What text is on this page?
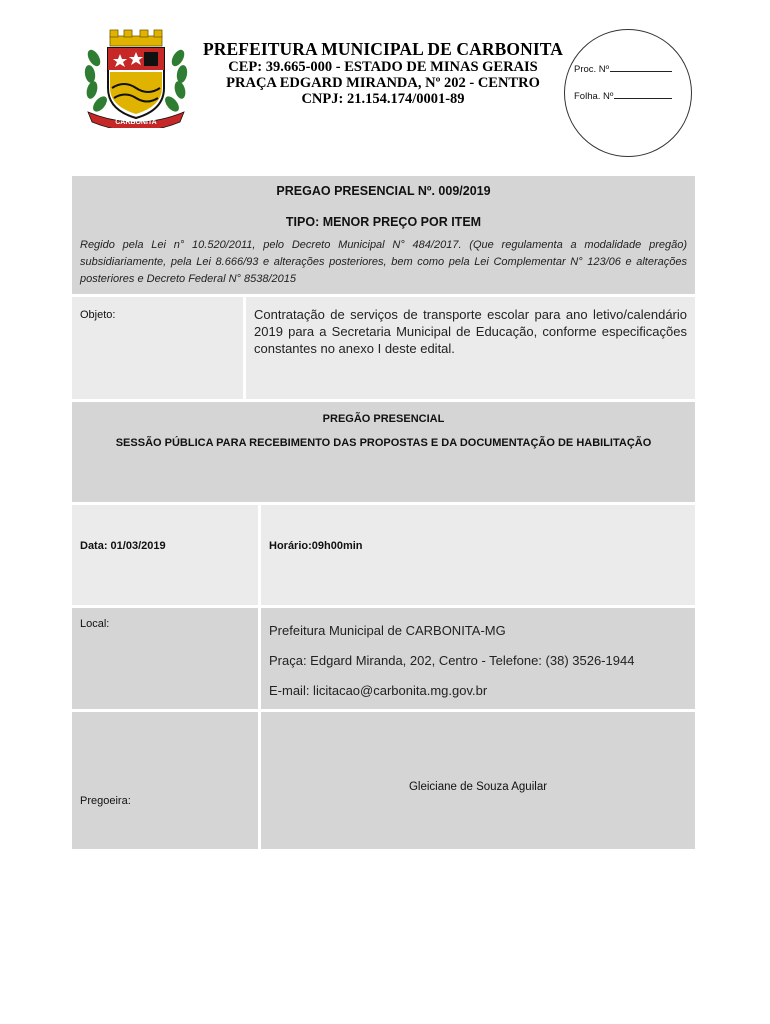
CARBONITA
PREFEITURA MUNICIPAL DE CARBONITA
CEP: 39.665-000 - ESTADO DE MINAS GERAIS
PRAÇA EDGARD MIRANDA, Nº 202 - CENTRO
CNPJ: 21.154.174/0001-89
Proc. Nº
Folha. Nº
PREGAO PRESENCIAL Nº. 009/2019
TIPO: MENOR PREÇO POR ITEM
Regido pela Lei n° 10.520/2011, pelo Decreto Municipal N° 484/2017. (Que regulamenta a modalidade pregão) subsidiariamente, pela Lei 8.666/93 e alterações posteriores, bem como pela Lei Complementar N° 123/06 e alterações posteriores e Decreto Federal N° 8538/2015
Objeto:	Contratação de serviços de transporte escolar para ano letivo/calendário 2019 para a Secretaria Municipal de Educação, conforme especificações constantes no anexo I deste edital.
PREGÃO PRESENCIAL
SESSÃO PÚBLICA PARA RECEBIMENTO DAS PROPOSTAS E DA DOCUMENTAÇÃO DE HABILITAÇÃO
Data: 01/03/2019	Horário:09h00min
Local:	Prefeitura Municipal de CARBONITA-MG
Praça: Edgard Miranda, 202, Centro - Telefone: (38) 3526-1944
E-mail: licitacao@carbonita.mg.gov.br
Pregoeira:
Gleiciane de Souza Aguilar
